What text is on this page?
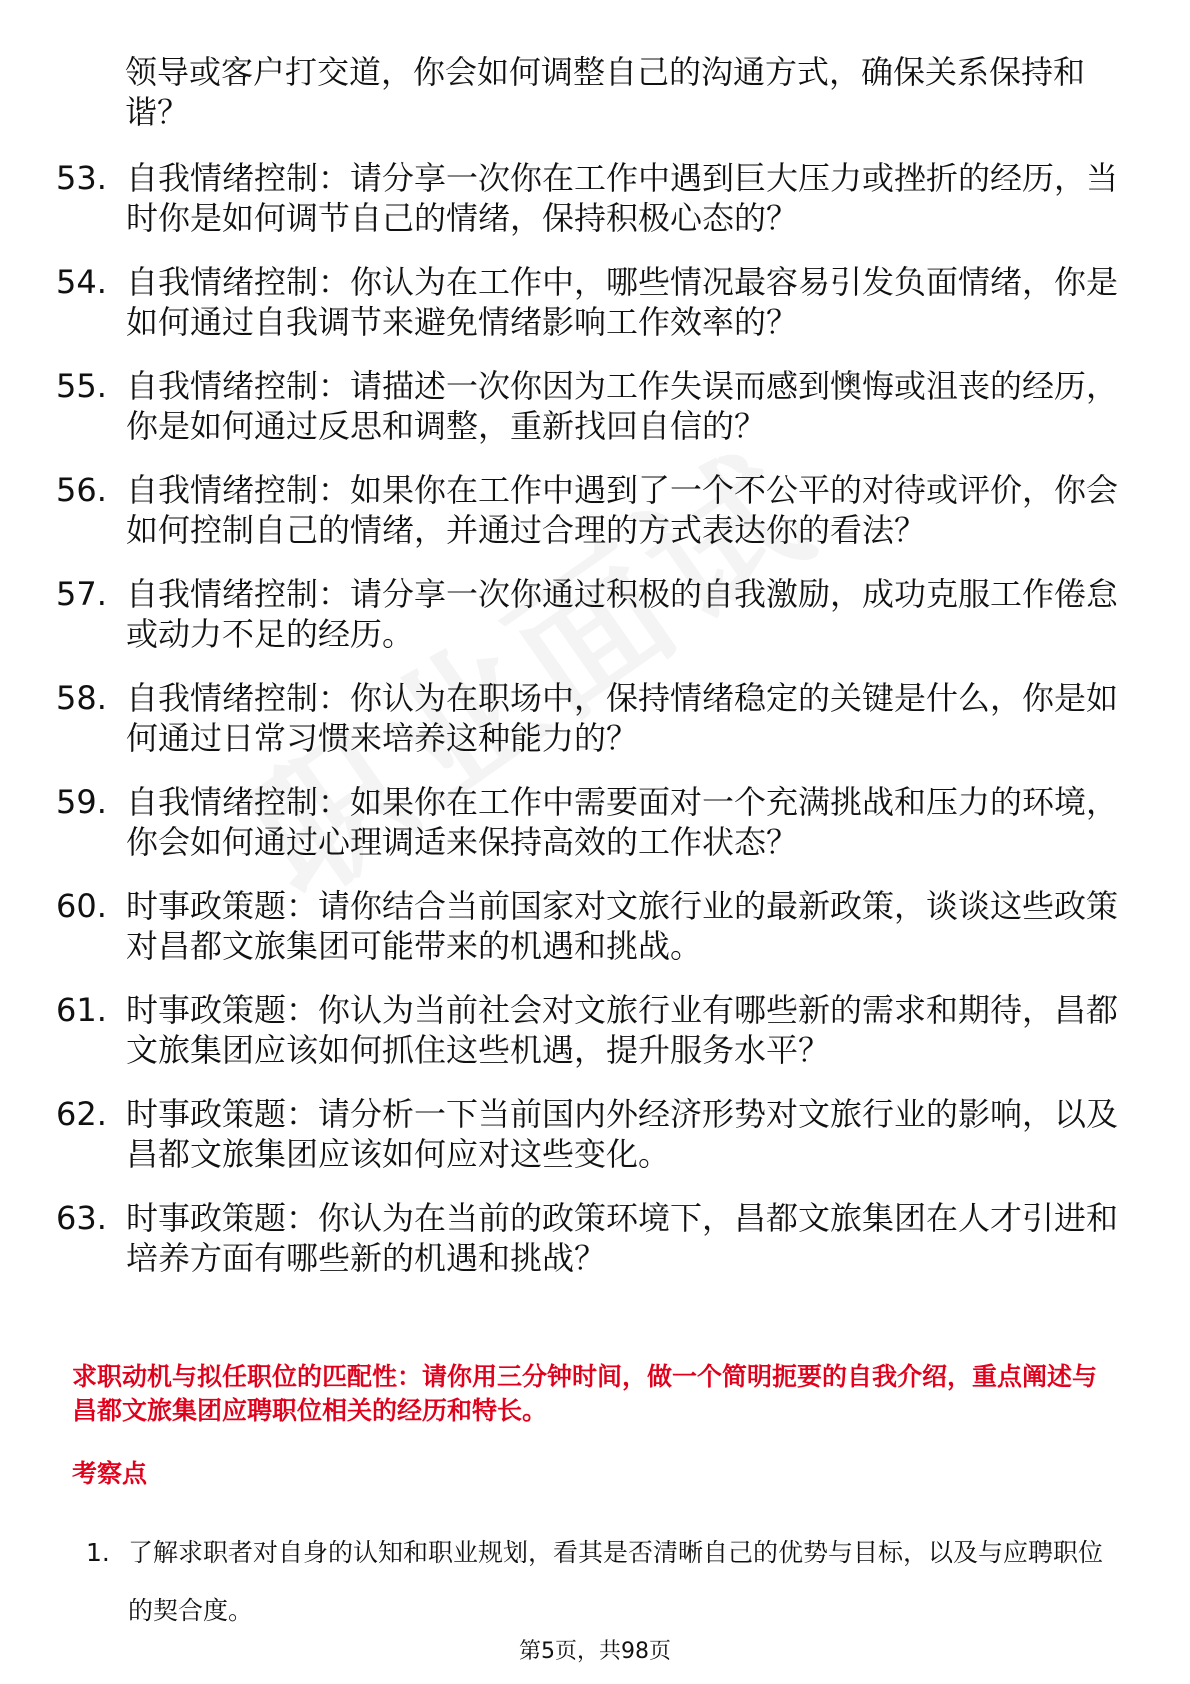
领导或客户打交道，你会如何调整自己的沟通方式，确保关系保持和谐？
53. 自我情绪控制：请分享一次你在工作中遇到巨大压力或挫折的经历，当时你是如何调节自己的情绪，保持积极心态的？
54. 自我情绪控制：你认为在工作中，哪些情况最容易引发负面情绪，你是如何通过自我调节来避免情绪影响工作效率的？
55. 自我情绪控制：请描述一次你因为工作失误而感到懊悔或沮丧的经历，你是如何通过反思和调整，重新找回自信的？
56. 自我情绪控制：如果你在工作中遇到了一个不公平的对待或评价，你会如何控制自己的情绪，并通过合理的方式表达你的看法？
57. 自我情绪控制：请分享一次你通过积极的自我激励，成功克服工作倦怠或动力不足的经历。
58. 自我情绪控制：你认为在职场中，保持情绪稳定的关键是什么，你是如何通过日常习惯来培养这种能力的？
59. 自我情绪控制：如果你在工作中需要面对一个充满挑战和压力的环境，你会如何通过心理调适来保持高效的工作状态？
60. 时事政策题：请你结合当前国家对文旅行业的最新政策，谈谈这些政策对昌都文旅集团可能带来的机遇和挑战。
61. 时事政策题：你认为当前社会对文旅行业有哪些新的需求和期待，昌都文旅集团应该如何抓住这些机遇，提升服务水平？
62. 时事政策题：请分析一下当前国内外经济形势对文旅行业的影响，以及昌都文旅集团应该如何应对这些变化。
63. 时事政策题：你认为在当前的政策环境下，昌都文旅集团在人才引进和培养方面有哪些新的机遇和挑战？
求职动机与拟任职位的匹配性：请你用三分钟时间，做一个简明扼要的自我介绍，重点阐述与昌都文旅集团应聘职位相关的经历和特长。
考察点
1. 了解求职者对自身的认知和职业规划，看其是否清晰自己的优势与目标，以及与应聘职位的契合度。
第5页，共98页
